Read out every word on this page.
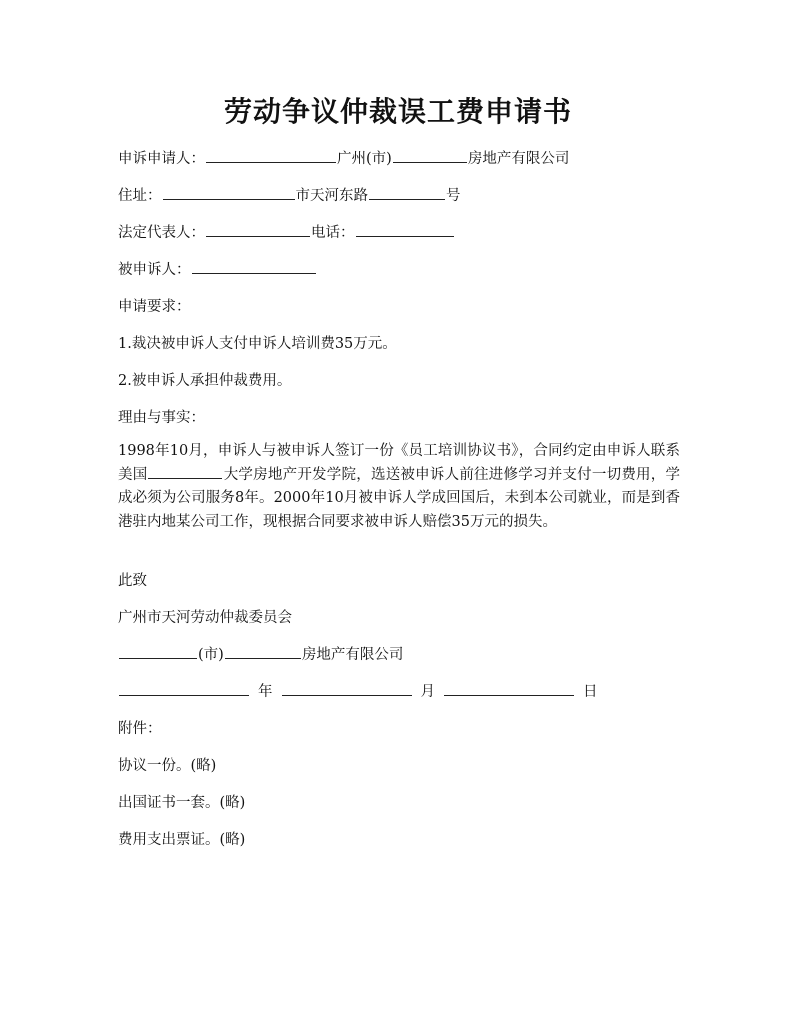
劳动争议仲裁误工费申请书
申诉申请人：	广州(市)	房地产有限公司
住址：	市天河东路	号
法定代表人：	电话：
被申诉人：
申请要求：
1.裁决被申诉人支付申诉人培训费35万元。
2.被申诉人承担仲裁费用。
理由与事实：
1998年10月，申诉人与被申诉人签订一份《员工培训协议书》，合同约定由申诉人联系美国	大学房地产开发学院，选送被申诉人前往进修学习并支付一切费用，学成必须为公司服务8年。2000年10月被申诉人学成回国后，未到本公司就业，而是到香港驻内地某公司工作，现根据合同要求被申诉人赔偿35万元的损失。
此致
广州市天河劳动仲裁委员会
(市)	房地产有限公司
年	月	日
附件：
协议一份。(略)
出国证书一套。(略)
费用支出票证。(略)
